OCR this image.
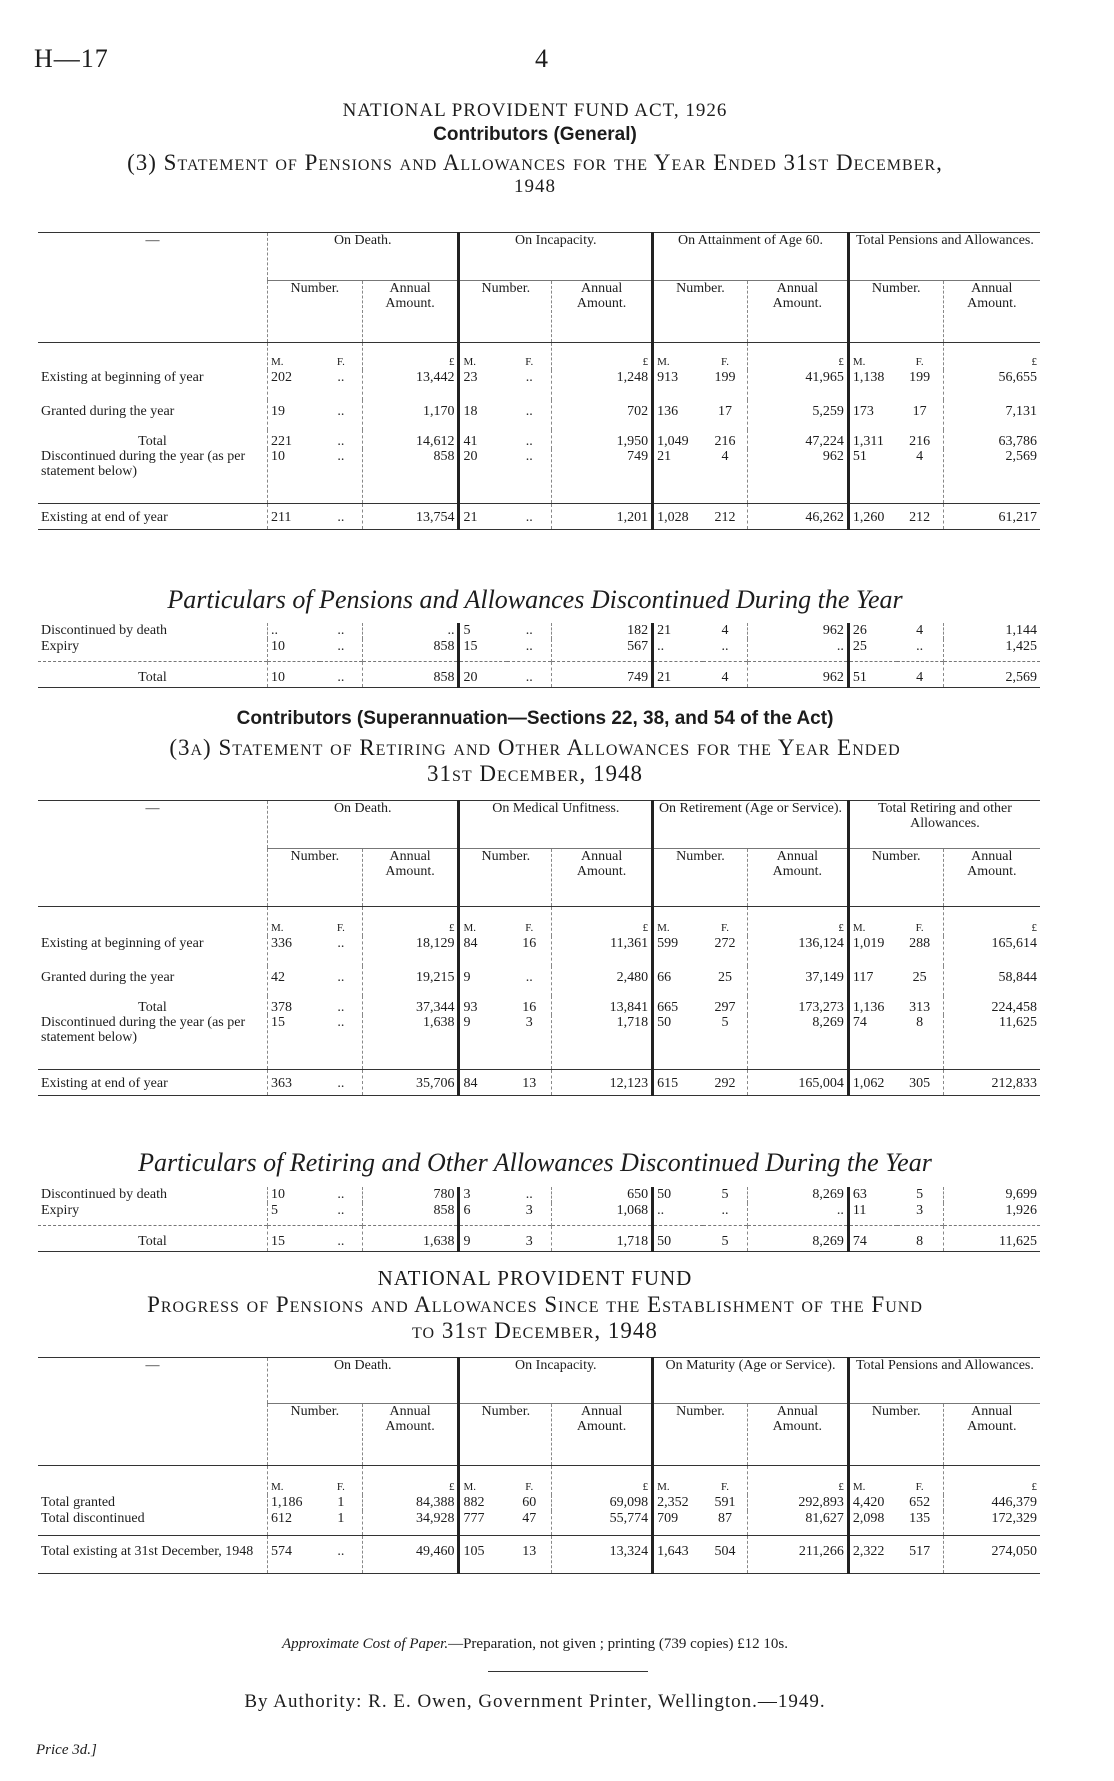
H—17	4
NATIONAL PROVIDENT FUND ACT, 1926
Contributors (General)
(3) Statement of Pensions and Allowances for the Year Ended 31st December,
1948
—	On Death.			On Incapacity.			On Attainment of Age 60.			Total Pensions and Allowances.		
	Number.		Annual Amount.	Number.		Annual Amount.	Number.		Annual Amount.	Number.		Annual Amount.
	M.	F.	£	M.	F.	£	M.	F.	£	M.	F.	£
Existing at beginning of year	202	..	13,442	23	..	1,248	913	199	41,965	1,138	199	56,655
Granted during the year	19	..	1,170	18	..	702	136	17	5,259	173	17	7,131
Total	221	..	14,612	41	..	1,950	1,049	216	47,224	1,311	216	63,786
Discontinued during the year (as per statement below)	10	..	858	20	..	749	21	4	962	51	4	2,569
Existing at end of year	211	..	13,754	21	..	1,201	1,028	212	46,262	1,260	212	61,217
Particulars of Pensions and Allowances Discontinued During the Year
Discontinued by death	..	..	..	5	..	182	21	4	962	26	4	1,144
Expiry	10	..	858	15	..	567	..	..	..	25	..	1,425
Total	10	..	858	20	..	749	21	4	962	51	4	2,569
Contributors (Superannuation—Sections 22, 38, and 54 of the Act)
(3a) Statement of Retiring and Other Allowances for the Year Ended
31st December, 1948
—	On Death.			On Medical Unfitness.			On Retirement (Age or Service).			Total Retiring and other Allowances.		
	Number.		Annual Amount.	Number.		Annual Amount.	Number.		Annual Amount.	Number.		Annual Amount.
	M.	F.	£	M.	F.	£	M.	F.	£	M.	F.	£
Existing at beginning of year	336	..	18,129	84	16	11,361	599	272	136,124	1,019	288	165,614
Granted during the year	42	..	19,215	9	..	2,480	66	25	37,149	117	25	58,844
Total	378	..	37,344	93	16	13,841	665	297	173,273	1,136	313	224,458
Discontinued during the year (as per statement below)	15	..	1,638	9	3	1,718	50	5	8,269	74	8	11,625
Existing at end of year	363	..	35,706	84	13	12,123	615	292	165,004	1,062	305	212,833
Particulars of Retiring and Other Allowances Discontinued During the Year
Discontinued by death	10	..	780	3	..	650	50	5	8,269	63	5	9,699
Expiry	5	..	858	6	3	1,068	..	..	..	11	3	1,926
Total	15	..	1,638	9	3	1,718	50	5	8,269	74	8	11,625
NATIONAL PROVIDENT FUND
Progress of Pensions and Allowances Since the Establishment of the Fund
to 31st December, 1948
—	On Death.			On Incapacity.			On Maturity (Age or Service).			Total Pensions and Allowances.		
	Number.		Annual Amount.	Number.		Annual Amount.	Number.		Annual Amount.	Number.		Annual Amount.
	M.	F.	£	M.	F.	£	M.	F.	£	M.	F.	£
Total granted	1,186	1	84,388	882	60	69,098	2,352	591	292,893	4,420	652	446,379
Total discontinued	612	1	34,928	777	47	55,774	709	87	81,627	2,098	135	172,329
Total existing at 31st December, 1948	574	..	49,460	105	13	13,324	1,643	504	211,266	2,322	517	274,050
Approximate Cost of Paper.—Preparation, not given ; printing (739 copies) £12 10s.
By Authority: R. E. Owen, Government Printer, Wellington.—1949.
Price 3d.]
